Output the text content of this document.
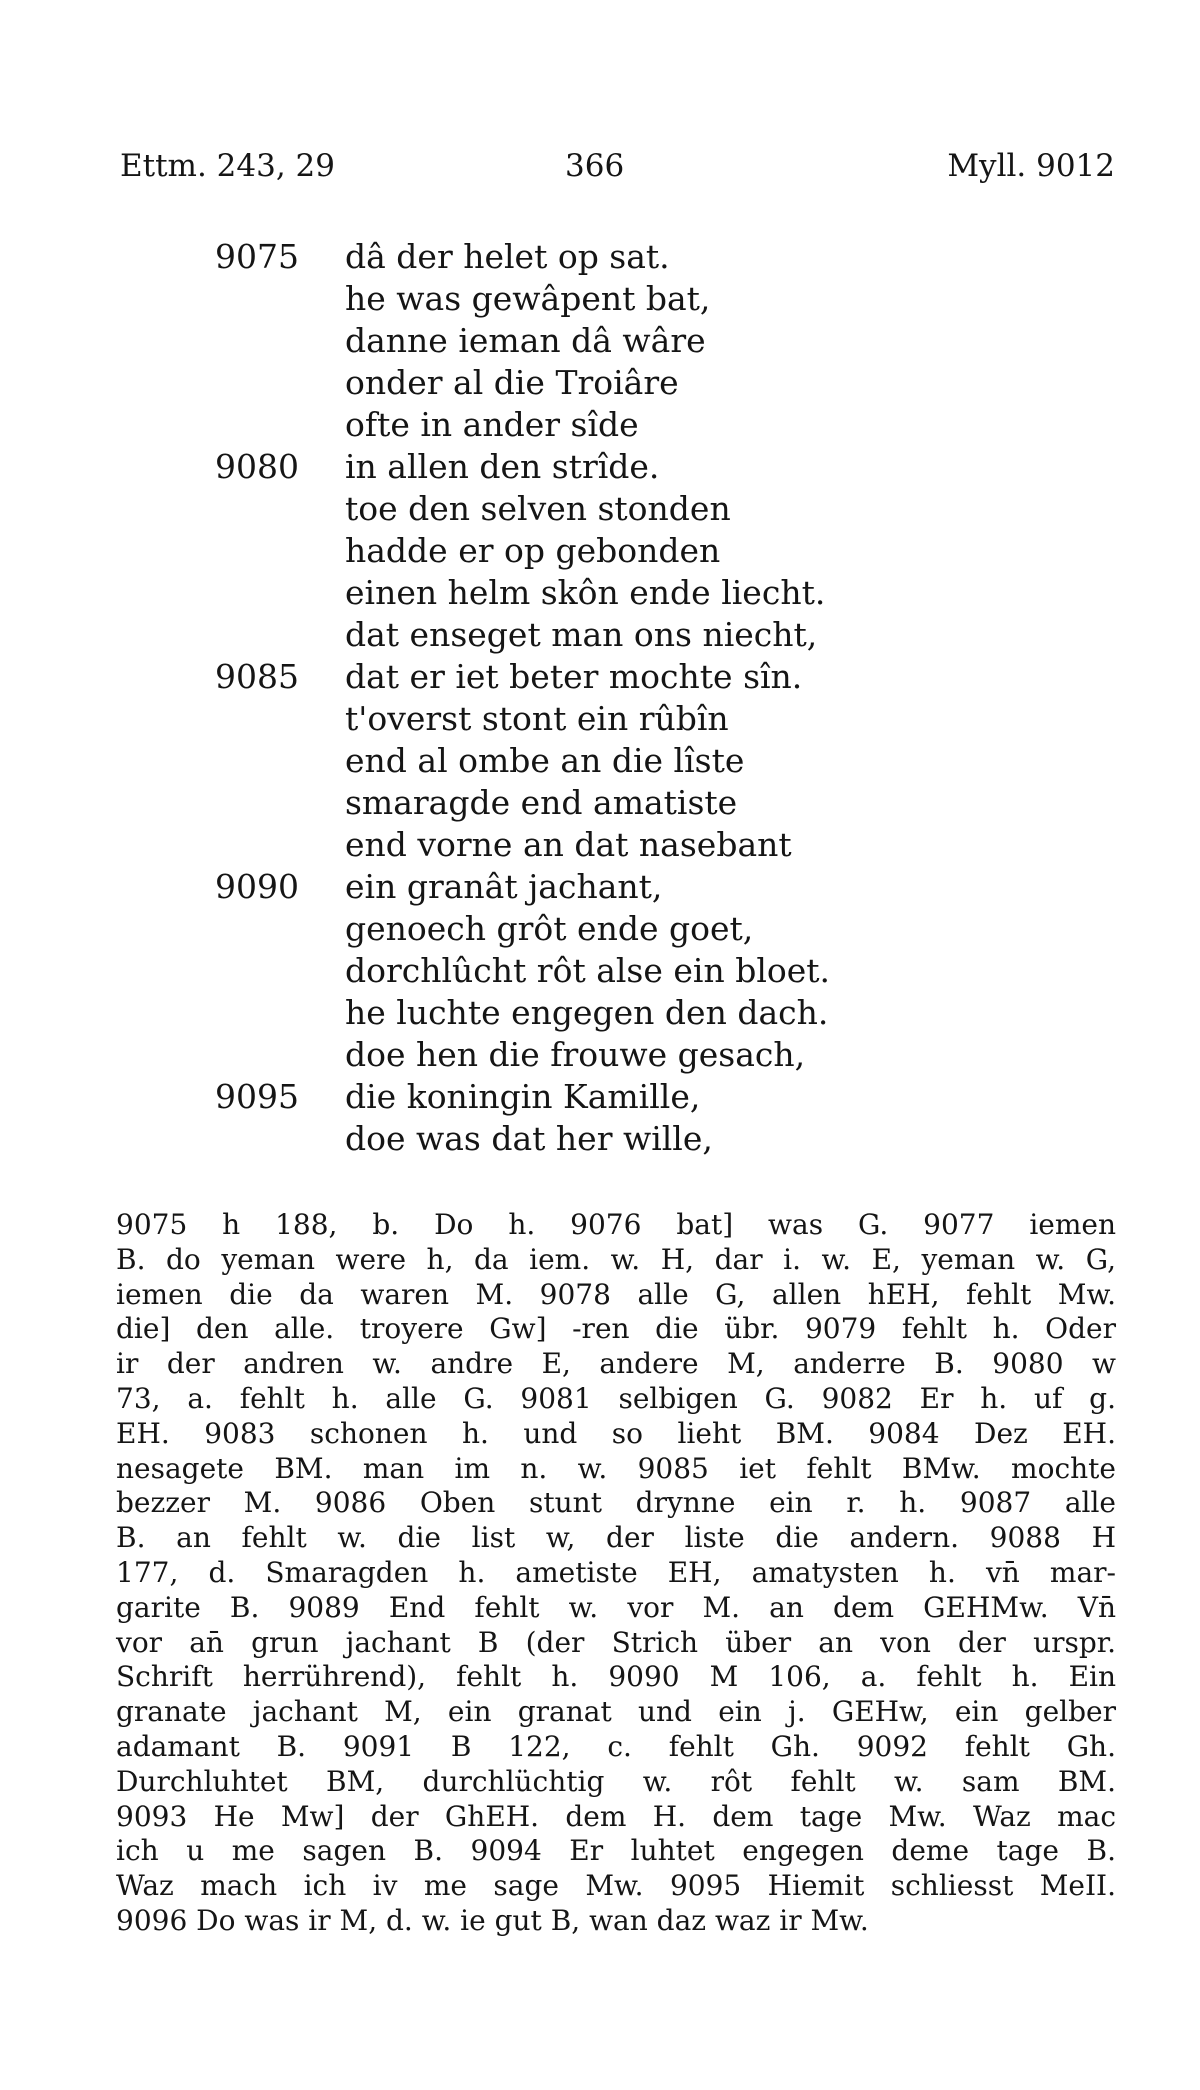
Ettm. 243, 29	366	Myll. 9012
9075 dâ der helet op sat.
he was gewâpent bat,
danne ieman dâ wâre
onder al die Troiâre
ofte in ander sîde
9080 in allen den strîde.
toe den selven stonden
hadde er op gebonden
einen helm skôn ende liecht.
dat enseget man ons niecht,
9085 dat er iet beter mochte sîn.
t'overst stont ein rûbîn
end al ombe an die lîste
smaragde end amatiste
end vorne an dat nasebant
9090 ein granât jachant,
genoech grôt ende goet,
dorchlûcht rôt alse ein bloet.
he luchte engegen den dach.
doe hen die frouwe gesach,
9095 die koningin Kamille,
doe was dat her wille,
9075 h 188, b. Do h. 9076 bat] was G. 9077 iemen
B. do yeman were h, da iem. w. H, dar i. w. E, yeman w. G,
iemen die da waren M. 9078 alle G, allen hEH, fehlt Mw.
die] den alle. troyere Gw] -ren die übr. 9079 fehlt h. Oder
ir der andren w. andre E, andere M, anderre B. 9080 w
73, a. fehlt h. alle G. 9081 selbigen G. 9082 Er h. uf g.
EH. 9083 schonen h. und so lieht BM. 9084 Dez EH.
nesagete BM. man im n. w. 9085 iet fehlt BMw. mochte
bezzer M. 9086 Oben stunt drynne ein r. h. 9087 alle
B. an fehlt w. die list w, der liste die andern. 9088 H
177, d. Smaragden h. ametiste EH, amatysten h. vn̄ mar-
garite B. 9089 End fehlt w. vor M. an dem GEHMw. Vn̄
vor an̄ grun jachant B (der Strich über an von der urspr.
Schrift herrührend), fehlt h. 9090 M 106, a. fehlt h. Ein
granate jachant M, ein granat und ein j. GEHw, ein gelber
adamant B. 9091 B 122, c. fehlt Gh. 9092 fehlt Gh.
Durchluhtet BM, durchlüchtig w. rôt fehlt w. sam BM.
9093 He Mw] der GhEH. dem H. dem tage Mw. Waz mac
ich u me sagen B. 9094 Er luhtet engegen deme tage B.
Waz mach ich iv me sage Mw. 9095 Hiemit schliesst MeII.
9096 Do was ir M, d. w. ie gut B, wan daz waz ir Mw.
